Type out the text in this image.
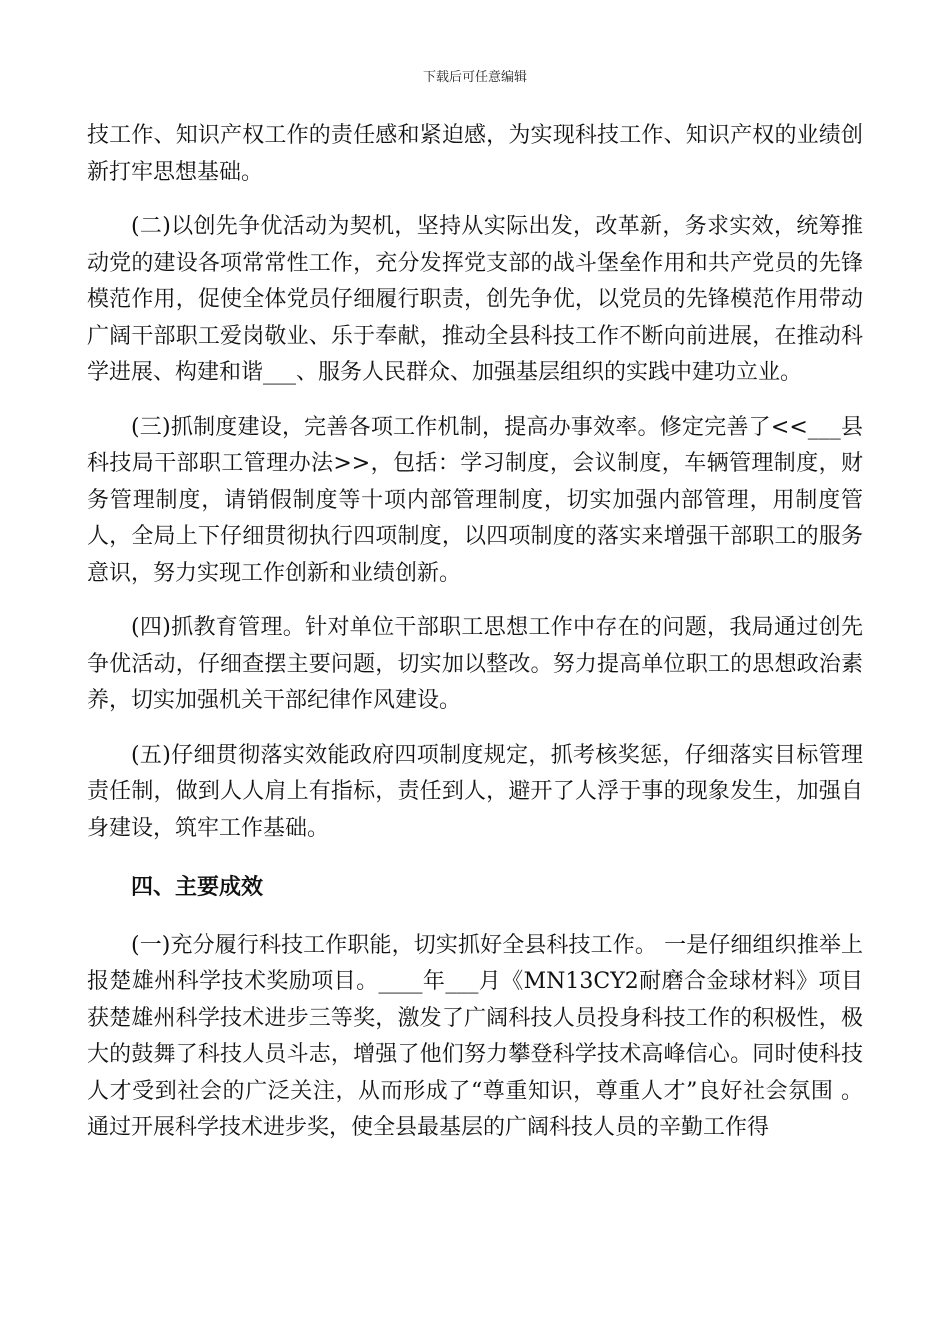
下载后可任意编辑

技工作、知识产权工作的责任感和紧迫感，为实现科技工作、知识产权的业绩创新打牢思想基础。

(二)以创先争优活动为契机，坚持从实际出发，改革新，务求实效，统筹推动党的建设各项常常性工作，充分发挥党支部的战斗堡垒作用和共产党员的先锋模范作用，促使全体党员仔细履行职责，创先争优，以党员的先锋模范作用带动广阔干部职工爱岗敬业、乐于奉献，推动全县科技工作不断向前进展，在推动科学进展、构建和谐___、服务人民群众、加强基层组织的实践中建功立业。

(三)抓制度建设，完善各项工作机制，提高办事效率。修定完善了<<___县科技局干部职工管理办法>>，包括：学习制度，会议制度，车辆管理制度，财务管理制度，请销假制度等十项内部管理制度，切实加强内部管理，用制度管人，全局上下仔细贯彻执行四项制度，以四项制度的落实来增强干部职工的服务意识，努力实现工作创新和业绩创新。

(四)抓教育管理。针对单位干部职工思想工作中存在的问题，我局通过创先争优活动，仔细查摆主要问题，切实加以整改。努力提高单位职工的思想政治素养，切实加强机关干部纪律作风建设。

(五)仔细贯彻落实效能政府四项制度规定，抓考核奖惩，仔细落实目标管理责任制，做到人人肩上有指标，责任到人，避开了人浮于事的现象发生，加强自身建设，筑牢工作基础。

四、主要成效

(一)充分履行科技工作职能，切实抓好全县科技工作。 一是仔细组织推举上报楚雄州科学技术奖励项目。____年___月《MN13CY2耐磨合金球材料》项目获楚雄州科学技术进步三等奖，激发了广阔科技人员投身科技工作的积极性，极大的鼓舞了科技人员斗志，增强了他们努力攀登科学技术高峰信心。同时使科技人才受到社会的广泛关注，从而形成了“尊重知识，尊重人才”良好社会氛围 。通过开展科学技术进步奖，使全县最基层的广阔科技人员的辛勤工作得
